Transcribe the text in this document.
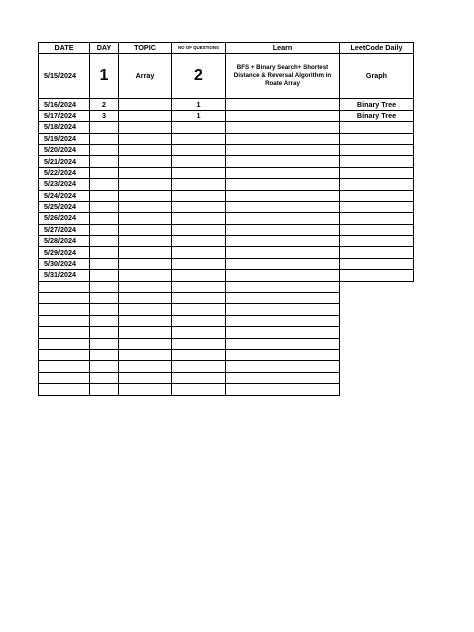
DATE	DAY	TOPIC	NO OF QUESTIONS	Learn	LeetCode Daily
5/15/2024	1	Array	2	BFS + Binary Search+ Shortest Distance & Reversal Algorithm in Roate Array	Graph
5/16/2024	2		1		Binary Tree
5/17/2024	3		1		Binary Tree
5/18/2024					
5/19/2024					
5/20/2024					
5/21/2024					
5/22/2024					
5/23/2024					
5/24/2024					
5/25/2024					
5/26/2024					
5/27/2024					
5/28/2024					
5/29/2024					
5/30/2024					
5/31/2024					
